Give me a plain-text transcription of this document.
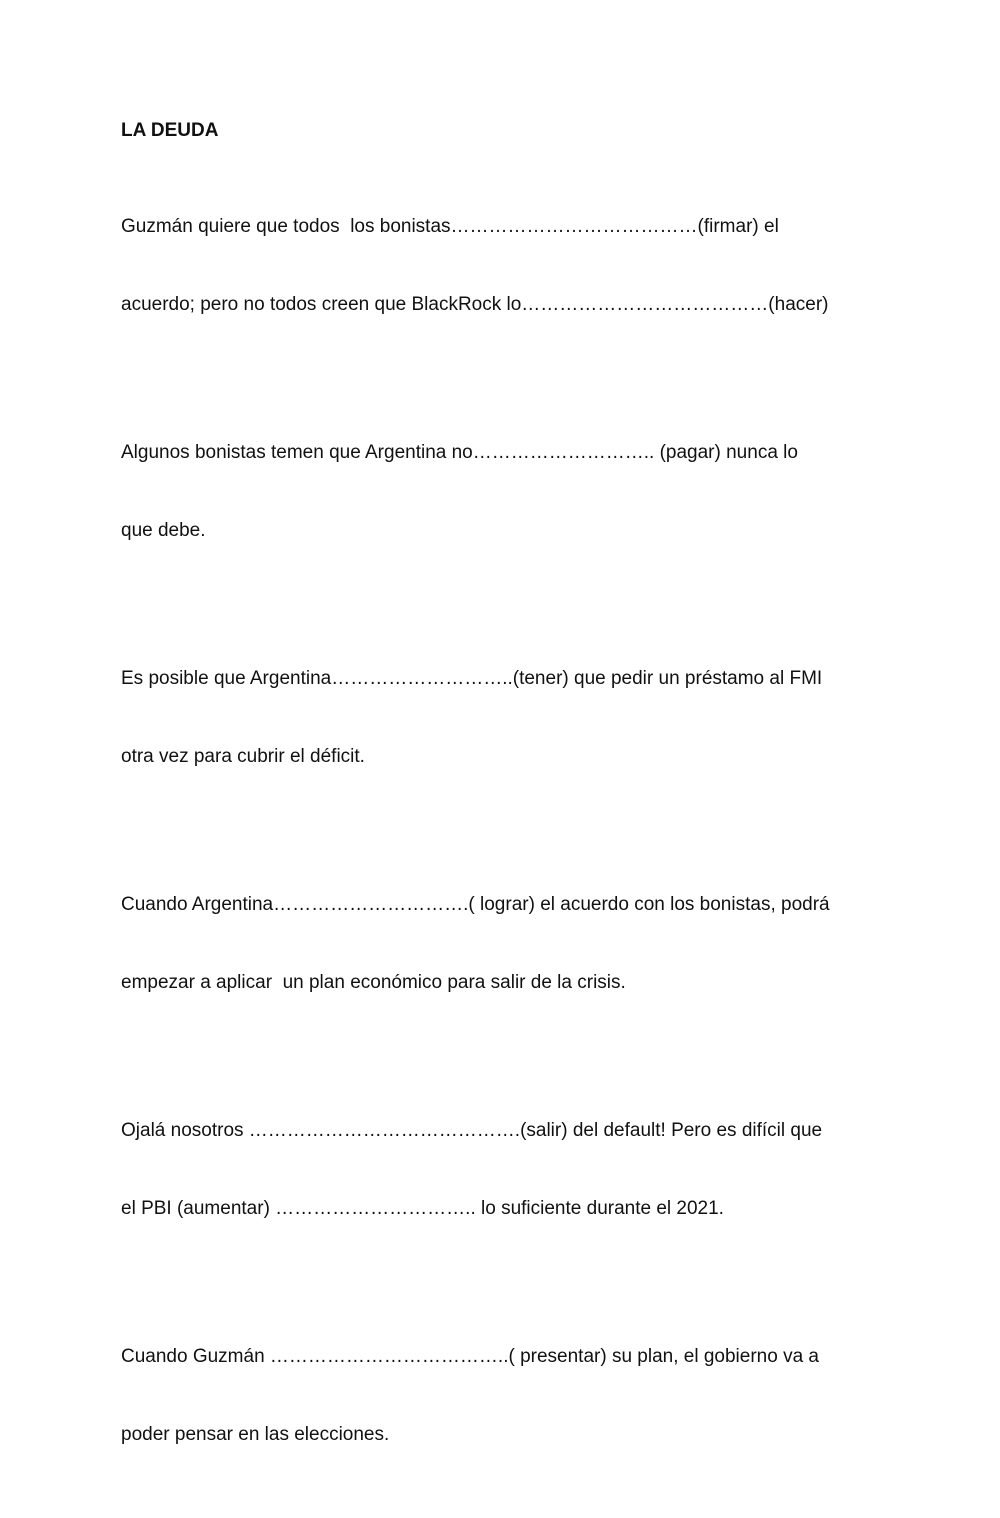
LA DEUDA

Guzmán quiere que todos  los bonistas…………………………………(firmar) el

acuerdo; pero no todos creen que BlackRock lo…………………………………(hacer)

Algunos bonistas temen que Argentina no……………………….. (pagar) nunca lo

que debe.

Es posible que Argentina………………………..(tener) que pedir un préstamo al FMI

otra vez para cubrir el déficit.

Cuando Argentina………………………….( lograr) el acuerdo con los bonistas, podrá

empezar a aplicar  un plan económico para salir de la crisis.

Ojalá nosotros …………………………………….(salir) del default! Pero es difícil que

el PBI (aumentar) ………………………….. lo suficiente durante el 2021.

Cuando Guzmán ………………………………..( presentar) su plan, el gobierno va a

poder pensar en las elecciones.
